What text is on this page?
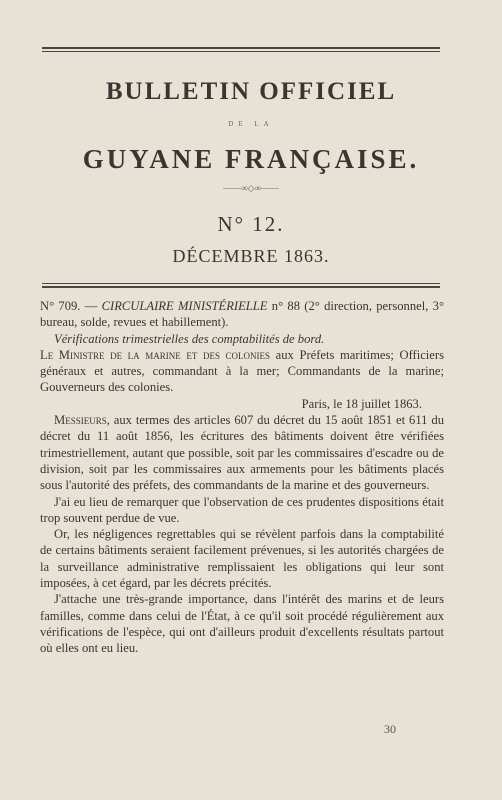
BULLETIN OFFICIEL
DE LA
GUYANE FRANÇAISE.
——∞◇∞——
N° 12.
DÉCEMBRE 1863.

N° 709. — CIRCULAIRE MINISTÉRIELLE n° 88 (2° direction, personnel, 3° bureau, solde, revues et habillement).

Vérifications trimestrielles des comptabilités de bord.

Le Ministre de la marine et des colonies aux Préfets maritimes; Officiers généraux et autres, commandant à la mer; Commandants de la marine; Gouverneurs des colonies.

Paris, le 18 juillet 1863.

Messieurs, aux termes des articles 607 du décret du 15 août 1851 et 611 du décret du 11 août 1856, les écritures des bâtiments doivent être vérifiées trimestriellement, autant que possible, soit par les commissaires d'escadre ou de division, soit par les commissaires aux armements pour les bâtiments placés sous l'autorité des préfets, des commandants de la marine et des gouverneurs.

J'ai eu lieu de remarquer que l'observation de ces prudentes dispositions était trop souvent perdue de vue.

Or, les négligences regrettables qui se révèlent parfois dans la comptabilité de certains bâtiments seraient facilement prévenues, si les autorités chargées de la surveillance administrative remplissaient les obligations qui leur sont imposées, à cet égard, par les décrets précités.

J'attache une très-grande importance, dans l'intérêt des marins et de leurs familles, comme dans celui de l'État, à ce qu'il soit procédé régulièrement aux vérifications de l'espèce, qui ont d'ailleurs produit d'excellents résultats partout où elles ont eu lieu.

30
